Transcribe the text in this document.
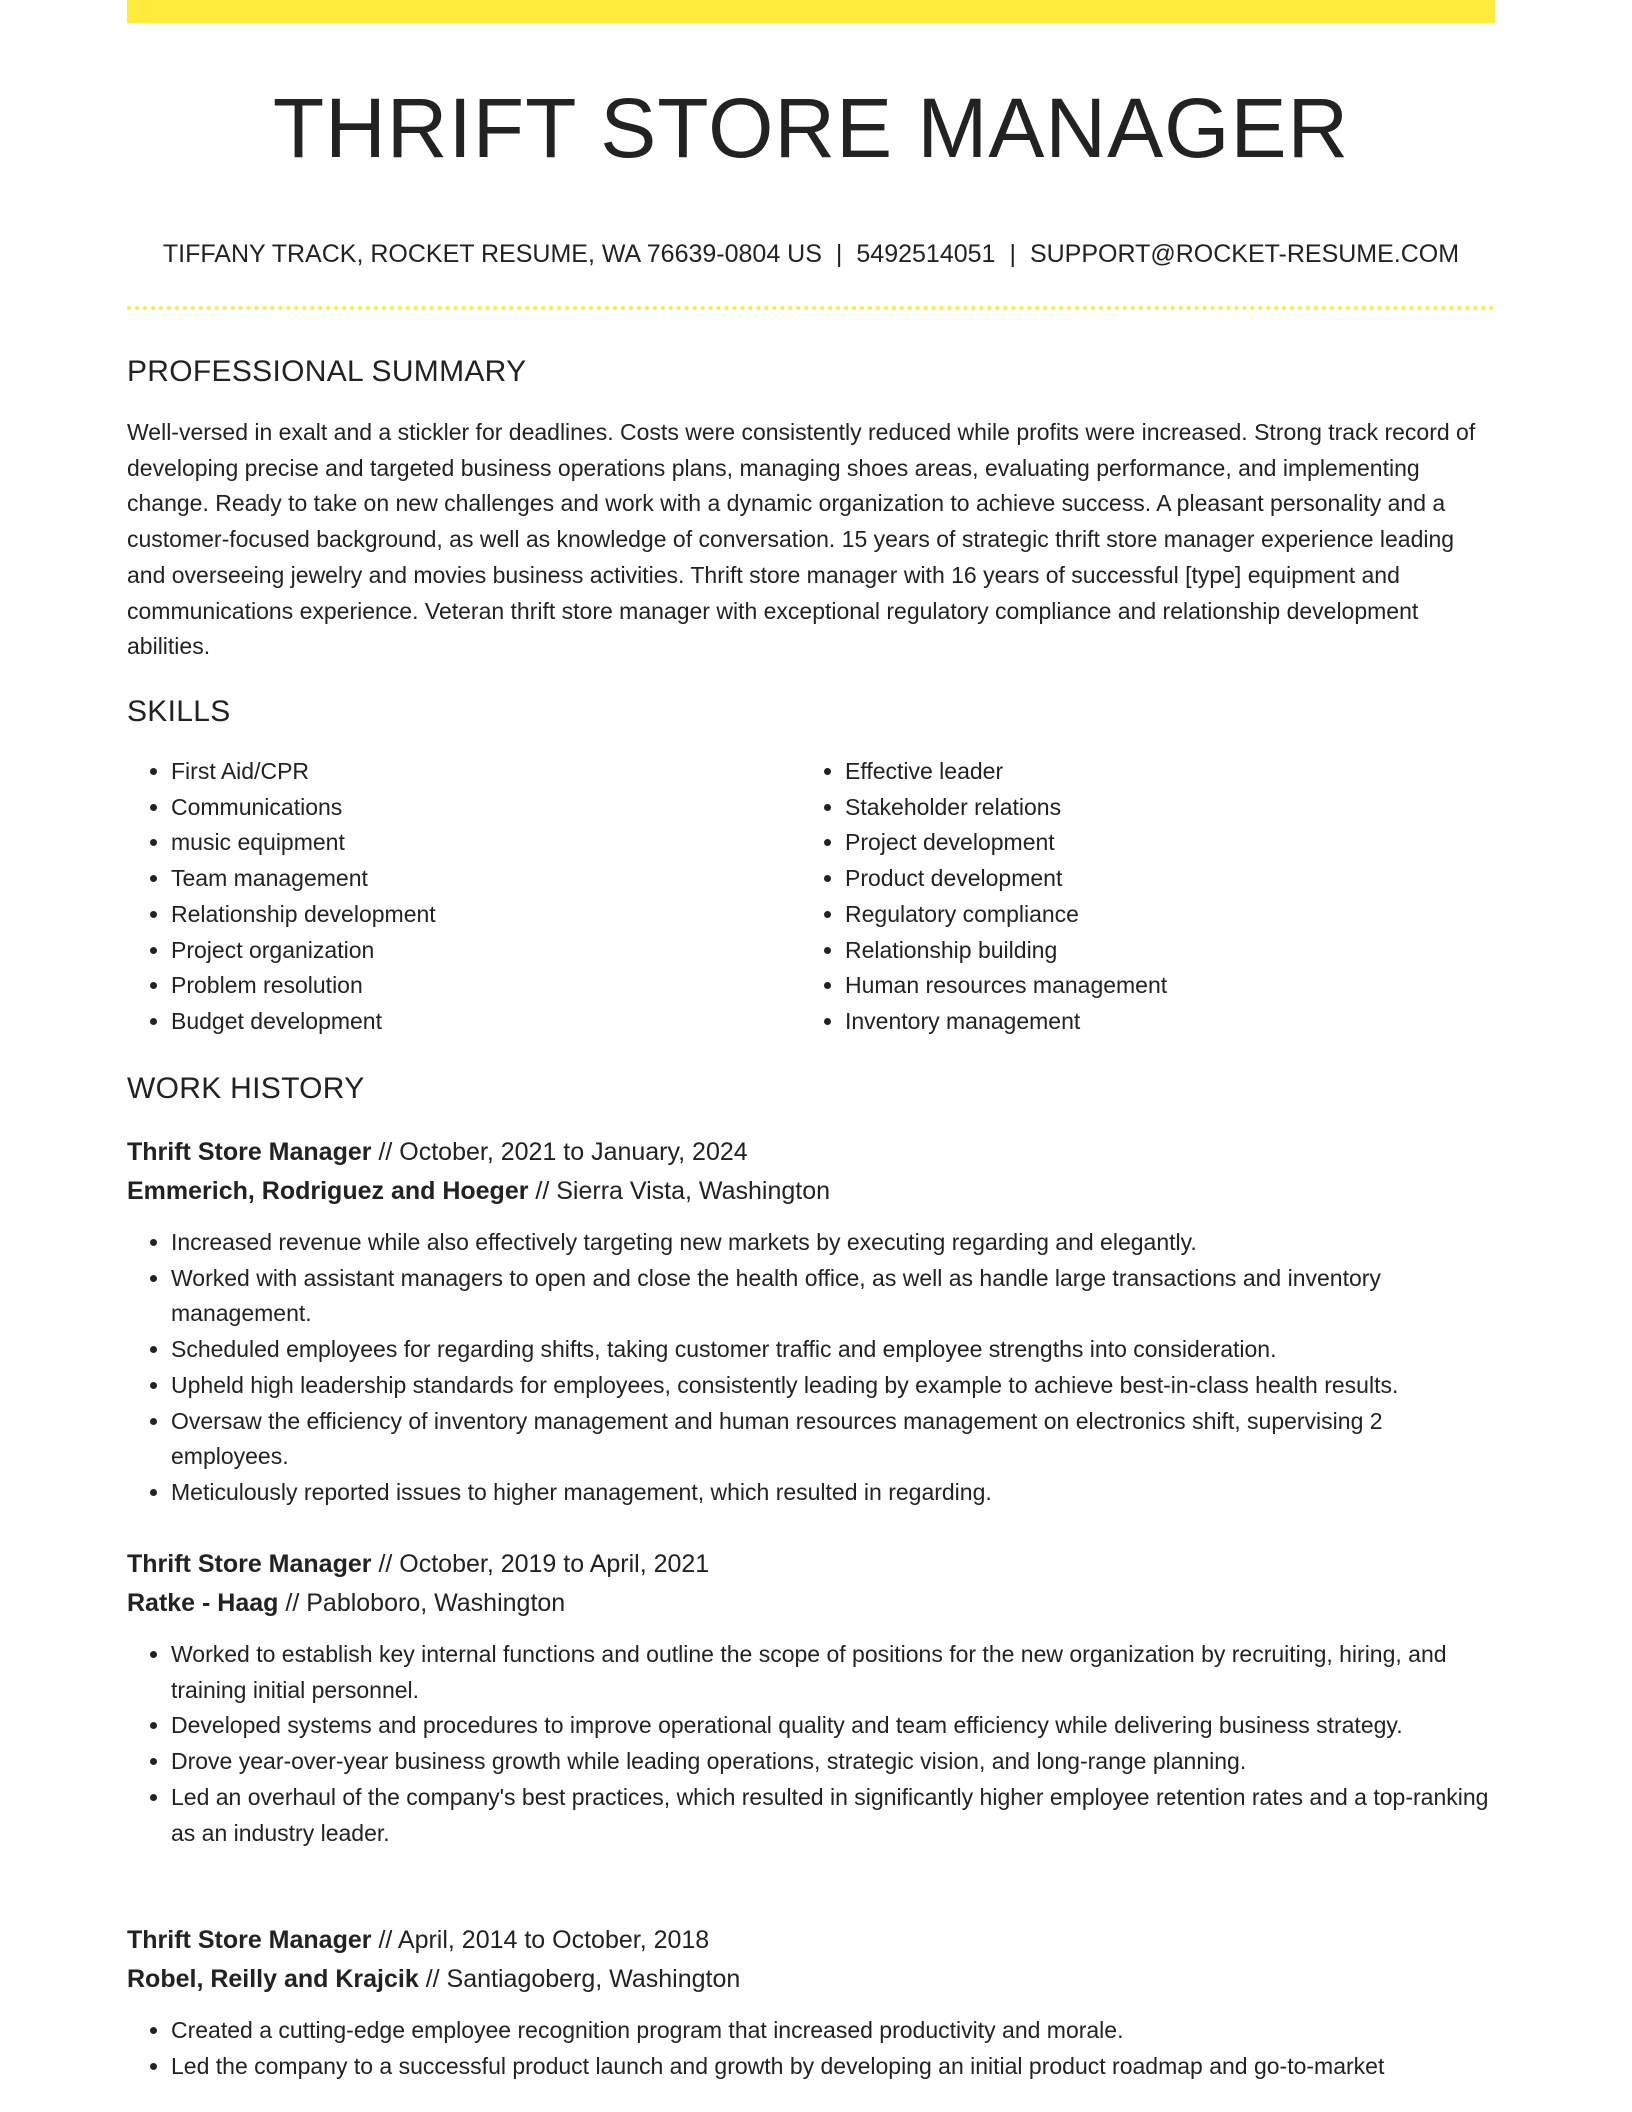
THRIFT STORE MANAGER
TIFFANY TRACK, ROCKET RESUME, WA 76639-0804 US | 5492514051 | SUPPORT@ROCKET-RESUME.COM
PROFESSIONAL SUMMARY

Well-versed in exalt and a stickler for deadlines. Costs were consistently reduced while profits were increased. Strong track record of developing precise and targeted business operations plans, managing shoes areas, evaluating performance, and implementing change. Ready to take on new challenges and work with a dynamic organization to achieve success. A pleasant personality and a customer-focused background, as well as knowledge of conversation. 15 years of strategic thrift store manager experience leading and overseeing jewelry and movies business activities. Thrift store manager with 16 years of successful [type] equipment and communications experience. Veteran thrift store manager with exceptional regulatory compliance and relationship development abilities.

SKILLS
• First Aid/CPR
• Communications
• music equipment
• Team management
• Relationship development
• Project organization
• Problem resolution
• Budget development
• Effective leader
• Stakeholder relations
• Project development
• Product development
• Regulatory compliance
• Relationship building
• Human resources management
• Inventory management
WORK HISTORY
Thrift Store Manager // October, 2021 to January, 2024
Emmerich, Rodriguez and Hoeger // Sierra Vista, Washington
• Increased revenue while also effectively targeting new markets by executing regarding and elegantly.
• Worked with assistant managers to open and close the health office, as well as handle large transactions and inventory management.
• Scheduled employees for regarding shifts, taking customer traffic and employee strengths into consideration.
• Upheld high leadership standards for employees, consistently leading by example to achieve best-in-class health results.
• Oversaw the efficiency of inventory management and human resources management on electronics shift, supervising 2 employees.
• Meticulously reported issues to higher management, which resulted in regarding.
Thrift Store Manager // October, 2019 to April, 2021
Ratke - Haag // Pabloboro, Washington
• Worked to establish key internal functions and outline the scope of positions for the new organization by recruiting, hiring, and training initial personnel.
• Developed systems and procedures to improve operational quality and team efficiency while delivering business strategy.
• Drove year-over-year business growth while leading operations, strategic vision, and long-range planning.
• Led an overhaul of the company's best practices, which resulted in significantly higher employee retention rates and a top-ranking as an industry leader.
Thrift Store Manager // April, 2014 to October, 2018
Robel, Reilly and Krajcik // Santiagoberg, Washington
• Created a cutting-edge employee recognition program that increased productivity and morale.
• Led the company to a successful product launch and growth by developing an initial product roadmap and go-to-market
